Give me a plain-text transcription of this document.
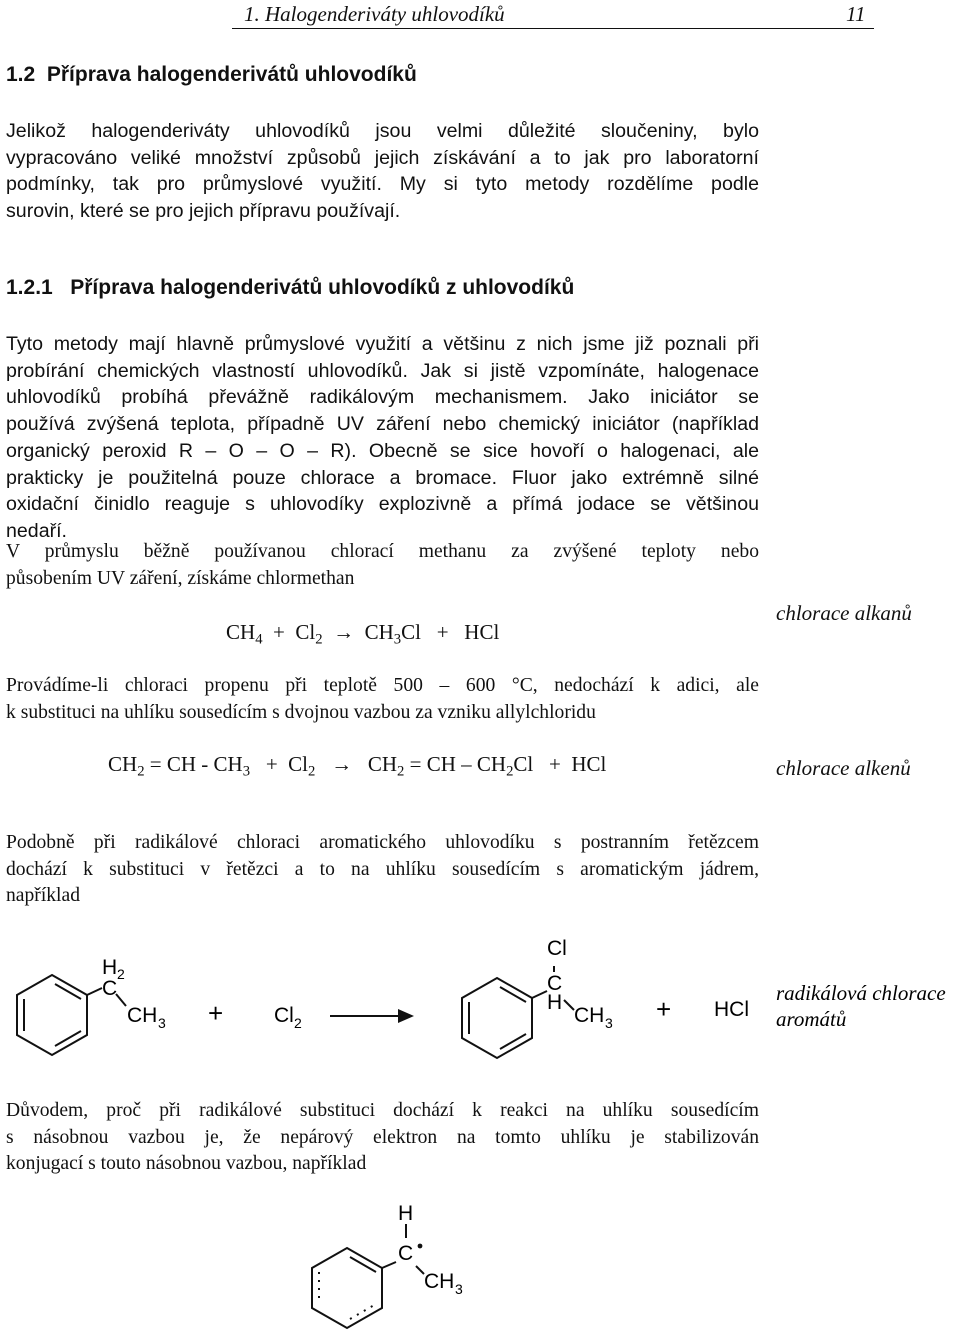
1. Halogenderiváty uhlovodíků	11
1.2 Příprava halogenderivátů uhlovodíků
Jelikož halogenderiváty uhlovodíků jsou velmi důležité sloučeniny, bylo
vypracováno veliké množství způsobů jejich získávání a to jak pro laboratorní
podmínky, tak pro průmyslové využití. My si tyto metody rozdělíme podle
surovin, které se pro jejich přípravu používají.
1.2.1 Příprava halogenderivátů uhlovodíků z uhlovodíků
Tyto metody mají hlavně průmyslové využití a většinu z nich jsme již poznali při
probírání chemických vlastností uhlovodíků. Jak si jistě vzpomínáte, halogenace
uhlovodíků probíhá převážně radikálovým mechanismem. Jako iniciátor se
používá zvýšená teplota, případně UV záření nebo chemický iniciátor (například
organický peroxid R – O – O – R). Obecně se sice hovoří o halogenaci, ale
prakticky je použitelná pouze chlorace a bromace. Fluor jako extrémně silné
oxidační činidlo reaguje s uhlovodíky explozivně a přímá jodace se většinou
nedaří.
V průmyslu běžně používanou chlorací methanu za zvýšené teploty nebo
působením UV záření, získáme chlormethan
$CH_4 + Cl_2 \to CH_3Cl$ + HCl
chlorace alkanů
Provádíme-li chloraci propenu při teplotě 500 – 600 °C, nedochází k adici, ale
k substituci na uhlíku sousedícím s dvojnou vazbou za vzniku allylchloridu
$CH_2$ = CH - $CH_3 + Cl_2 \to CH_2$ = CH – $CH_2Cl$ + HCl	chlorace alkenů
Podobně při radikálové chloraci aromatického uhlovodíku s postranním řetězcem
dochází k substituci v řetězci a to na uhlíku sousedícím s aromatickým jádrem,
například
H 2
C
CH 3 + Cl 2
Cl
C
H
CH 3 + HCl
radikálová chlorace
aromátů
Důvodem, proč při radikálové substituci dochází k reakci na uhlíku sousedícím
s násobnou vazbou je, že nepárový elektron na tomto uhlíku je stabilizován
konjugací s touto násobnou vazbou, například
H
C
CH 3
